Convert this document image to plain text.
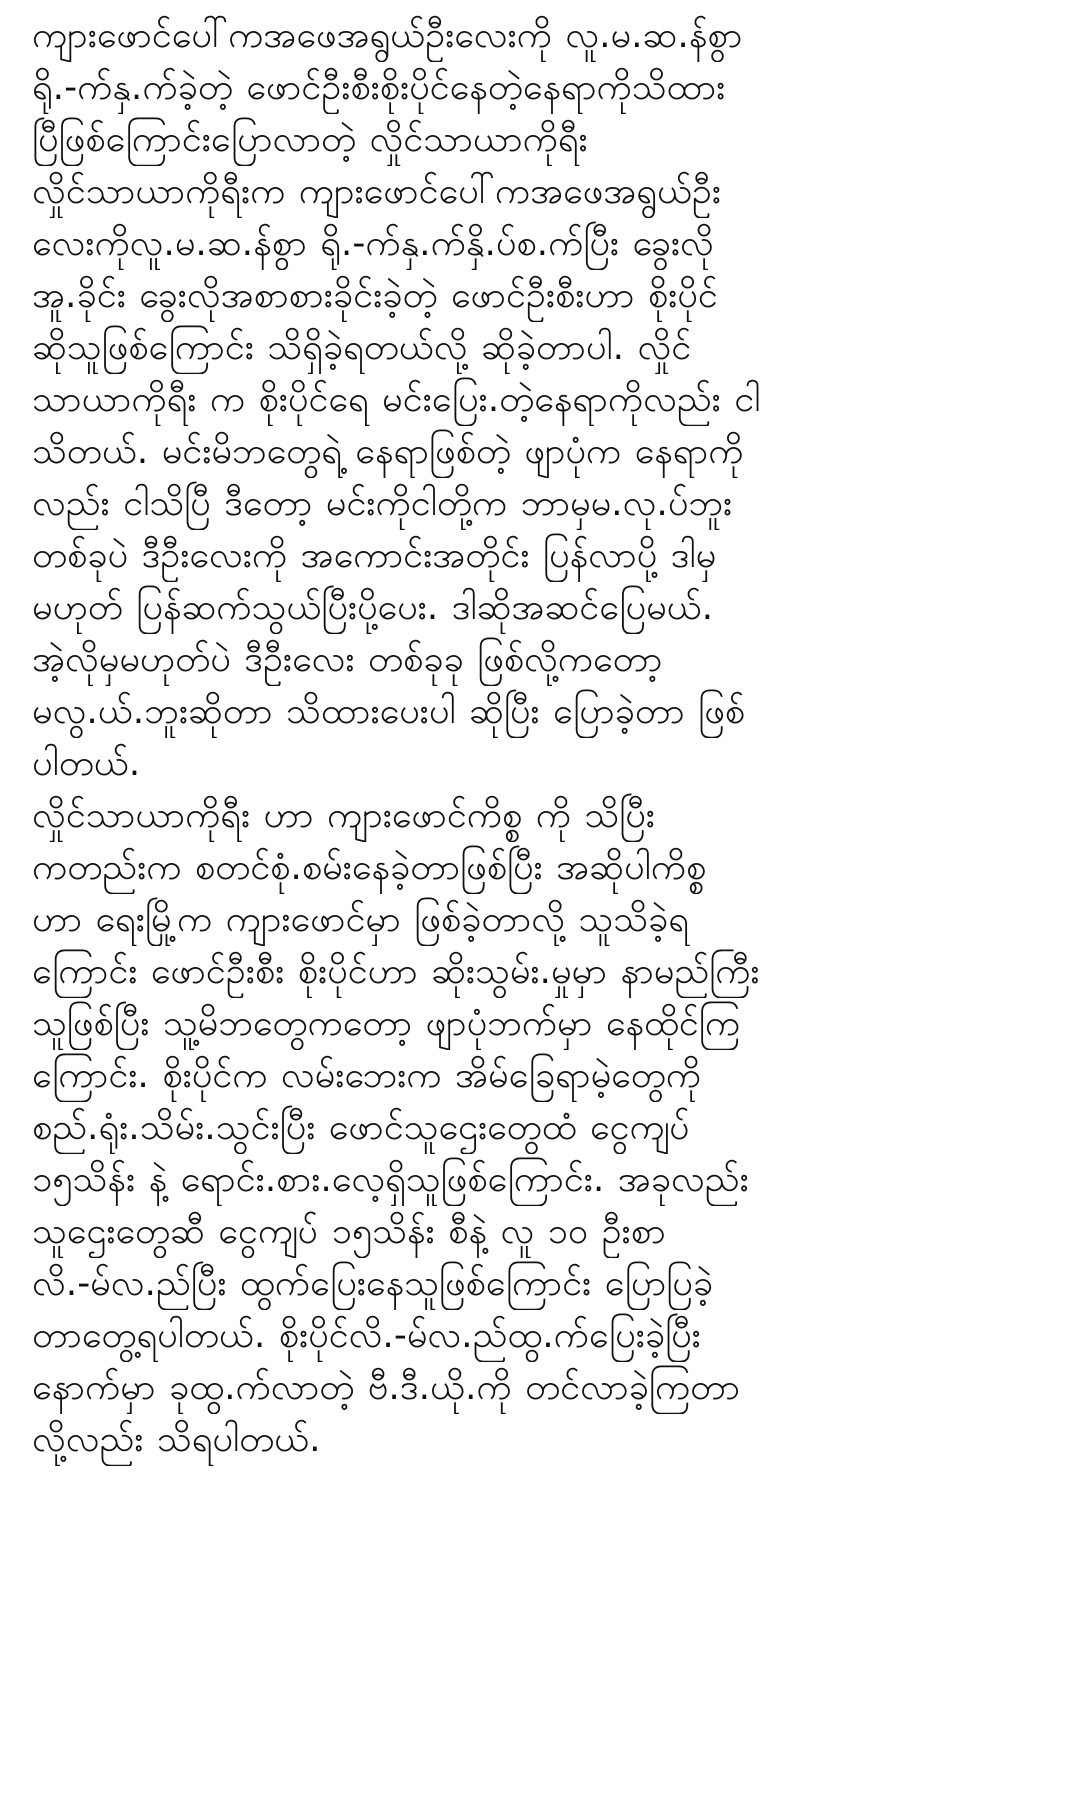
ကျားဖောင်ပေါ်ကအဖေအရွယ်ဦးလေးကို လူ.မ.ဆ.န်စွာ
ရို.-က်နှ.က်ခဲ့တဲ့ ဖောင်ဦးစီးစိုးပိုင်နေတဲ့နေရာကိုသိထား
ပြီဖြစ်ကြောင်းပြောလာတဲ့ လှိုင်သာယာကိုရီး
လှိုင်သာယာကိုရီးက ကျားဖောင်ပေါ်ကအဖေအရွယ်ဦး
လေးကိုလူ.မ.ဆ.န်စွာ ရို.-က်နှ.က်နှိ.ပ်စ.က်ပြီး ခွေးလို
အူ.ခိုင်း ခွေးလိုအစာစားခိုင်းခဲ့တဲ့ ဖောင်ဦးစီးဟာ စိုးပိုင်
ဆိုသူဖြစ်ကြောင်း သိရှိခဲ့ရတယ်လို့ ဆိုခဲ့တာပါ. လှိုင်
သာယာကိုရီး က စိုးပိုင်ရေ မင်းပြေး.တဲ့နေရာကိုလည်း ငါ
သိတယ်. မင်းမိဘတွေရဲ့ နေရာဖြစ်တဲ့ ဖျာပုံက နေရာကို
လည်း ငါသိပြီ ဒီတော့ မင်းကိုငါတို့က ဘာမှမ.လု.ပ်ဘူး
တစ်ခုပဲ ဒီဦးလေးကို အကောင်းအတိုင်း ပြန်လာပို့ ဒါမှ
မဟုတ် ပြန်ဆက်သွယ်ပြီးပို့ပေး. ဒါဆိုအဆင်ပြေမယ်.
အဲ့လိုမှမဟုတ်ပဲ ဒီဦးလေး တစ်ခုခု ဖြစ်လို့ကတော့
မလွ.ယ်.ဘူးဆိုတာ သိထားပေးပါ ဆိုပြီး ပြောခဲ့တာ ဖြစ်
ပါတယ်.
လှိုင်သာယာကိုရီး ဟာ ကျားဖောင်ကိစ္စ ကို သိပြီး
ကတည်းက စတင်စုံ.စမ်းနေခဲ့တာဖြစ်ပြီး အဆိုပါကိစ္စ
ဟာ ရေးမြို့က ကျားဖောင်မှာ ဖြစ်ခဲ့တာလို့ သူသိခဲ့ရ
ကြောင်း ဖောင်ဦးစီး စိုးပိုင်ဟာ ဆိုးသွမ်း.မှုမှာ နာမည်ကြီး
သူဖြစ်ပြီး သူ့မိဘတွေကတော့ ဖျာပုံဘက်မှာ နေထိုင်ကြ
ကြောင်း. စိုးပိုင်က လမ်းဘေးက အိမ်ခြေရာမဲ့တွေကို
စည်.ရုံး.သိမ်း.သွင်းပြီး ဖောင်သူဌေးတွေထံ ငွေကျပ်
၁၅သိန်း နဲ့ ရောင်း.စား.လေ့ရှိသူဖြစ်ကြောင်း. အခုလည်း
သူဌေးတွေဆီ ငွေကျပ် ၁၅သိန်း စီနဲ့ လူ ၁၀ ဦးစာ
လိ.-မ်လ.ည်ပြီး ထွက်ပြေးနေသူဖြစ်ကြောင်း ပြောပြခဲ့
တာတွေ့ရပါတယ်. စိုးပိုင်လိ.-မ်လ.ည်ထွ.က်ပြေးခဲ့ပြီး
နောက်မှာ ခုထွ.က်လာတဲ့ ဗီ.ဒီ.ယို.ကို တင်လာခဲ့ကြတာ
လို့လည်း သိရပါတယ်.
